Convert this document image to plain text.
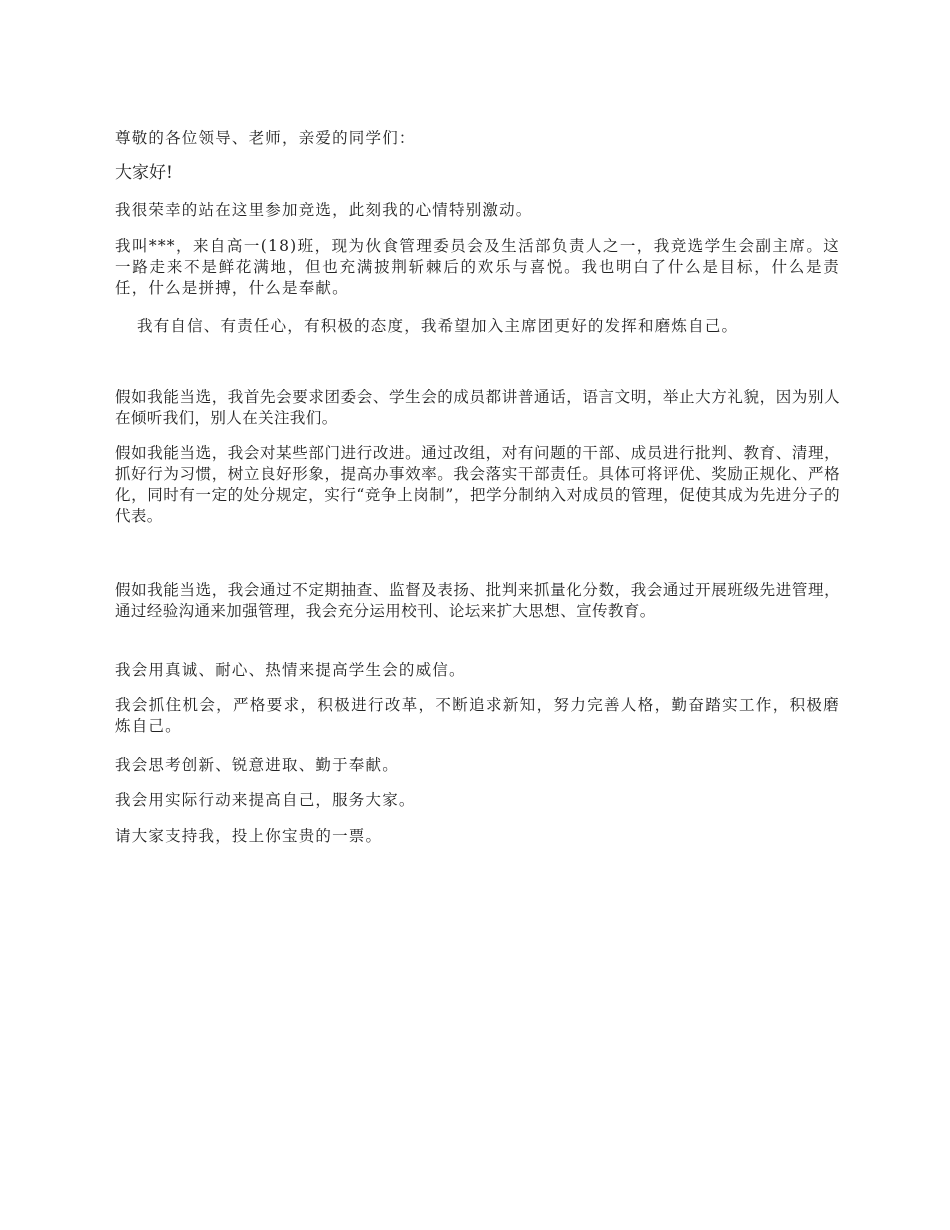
尊敬的各位领导、老师，亲爱的同学们：

大家好!

我很荣幸的站在这里参加竞选，此刻我的心情特别激动。

我叫***，来自高一(18)班，现为伙食管理委员会及生活部负责人之一，我竞选学生会副主席。这一路走来不是鲜花满地，但也充满披荆斩棘后的欢乐与喜悦。我也明白了什么是目标，什么是责任，什么是拼搏，什么是奉献。

我有自信、有责任心，有积极的态度，我希望加入主席团更好的发挥和磨炼自己。

假如我能当选，我首先会要求团委会、学生会的成员都讲普通话，语言文明，举止大方礼貌，因为别人在倾听我们，别人在关注我们。

假如我能当选，我会对某些部门进行改进。通过改组，对有问题的干部、成员进行批判、教育、清理，抓好行为习惯，树立良好形象，提高办事效率。我会落实干部责任。具体可将评优、奖励正规化、严格化，同时有一定的处分规定，实行“竞争上岗制”，把学分制纳入对成员的管理，促使其成为先进分子的代表。

假如我能当选，我会通过不定期抽查、监督及表扬、批判来抓量化分数，我会通过开展班级先进管理，通过经验沟通来加强管理，我会充分运用校刊、论坛来扩大思想、宣传教育。

我会用真诚、耐心、热情来提高学生会的威信。

我会抓住机会，严格要求，积极进行改革，不断追求新知，努力完善人格，勤奋踏实工作，积极磨炼自己。

我会思考创新、锐意进取、勤于奉献。

我会用实际行动来提高自己，服务大家。

请大家支持我，投上你宝贵的一票。
